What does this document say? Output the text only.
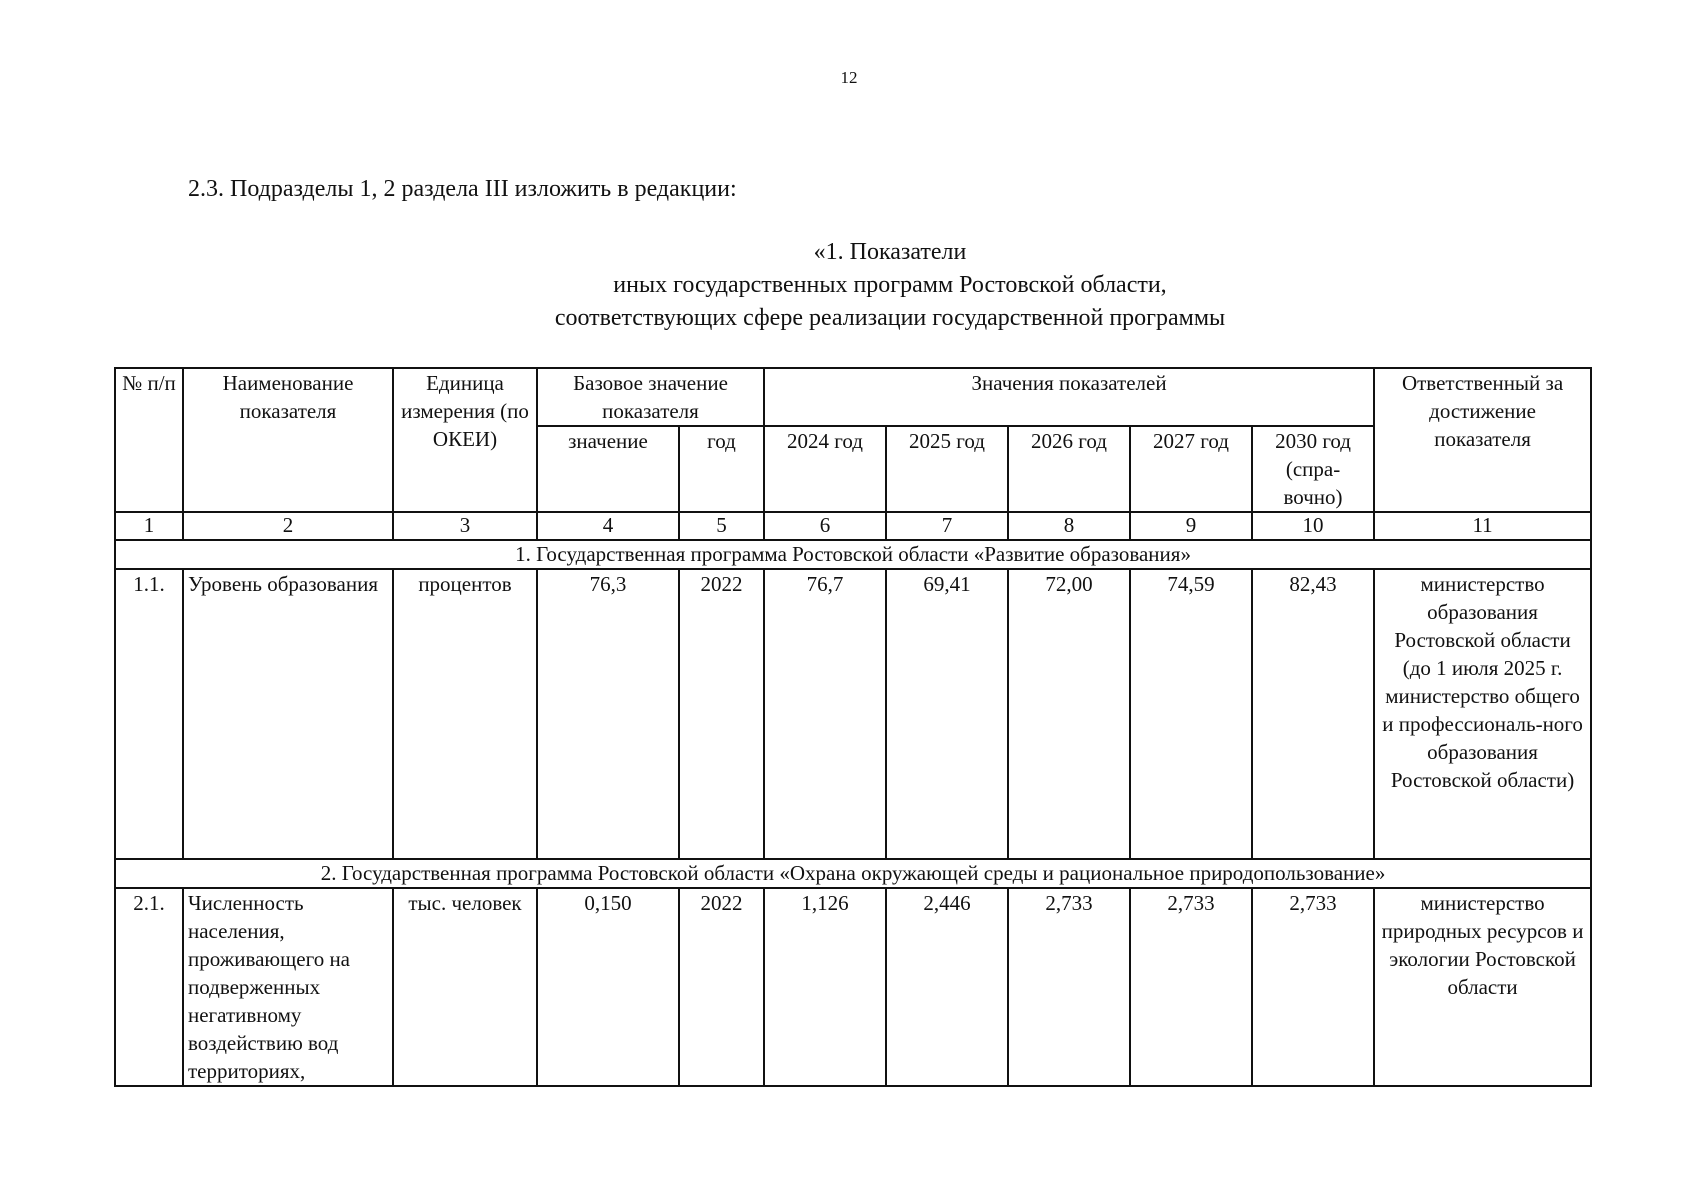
12
2.3. Подразделы 1, 2 раздела III изложить в редакции:
«1. Показатели
иных государственных программ Ростовской области,
соответствующих сфере реализации государственной программы
№ п/п	Наименование показателя	Единица измерения (по ОКЕИ)	Базовое значение показателя		Значения показателей					Ответственный за достижение показателя
			значение	год	2024 год	2025 год	2026 год	2027 год	2030 год (спра-вочно)	
1	2	3	4	5	6	7	8	9	10	11
1. Государственная программа Ростовской области «Развитие образования»										
1.1.	Уровень образования	процентов	76,3	2022	76,7	69,41	72,00	74,59	82,43	министерство образования Ростовской области (до 1 июля 2025 г. министерство общего и профессиональ-ного образования Ростовской области)
2. Государственная программа Ростовской области «Охрана окружающей среды и рациональное природопользование»										
2.1.	Численность населения, проживающего на подверженных негативному воздействию вод территориях,	тыс. человек	0,150	2022	1,126	2,446	2,733	2,733	2,733	министерство природных ресурсов и экологии Ростовской области
